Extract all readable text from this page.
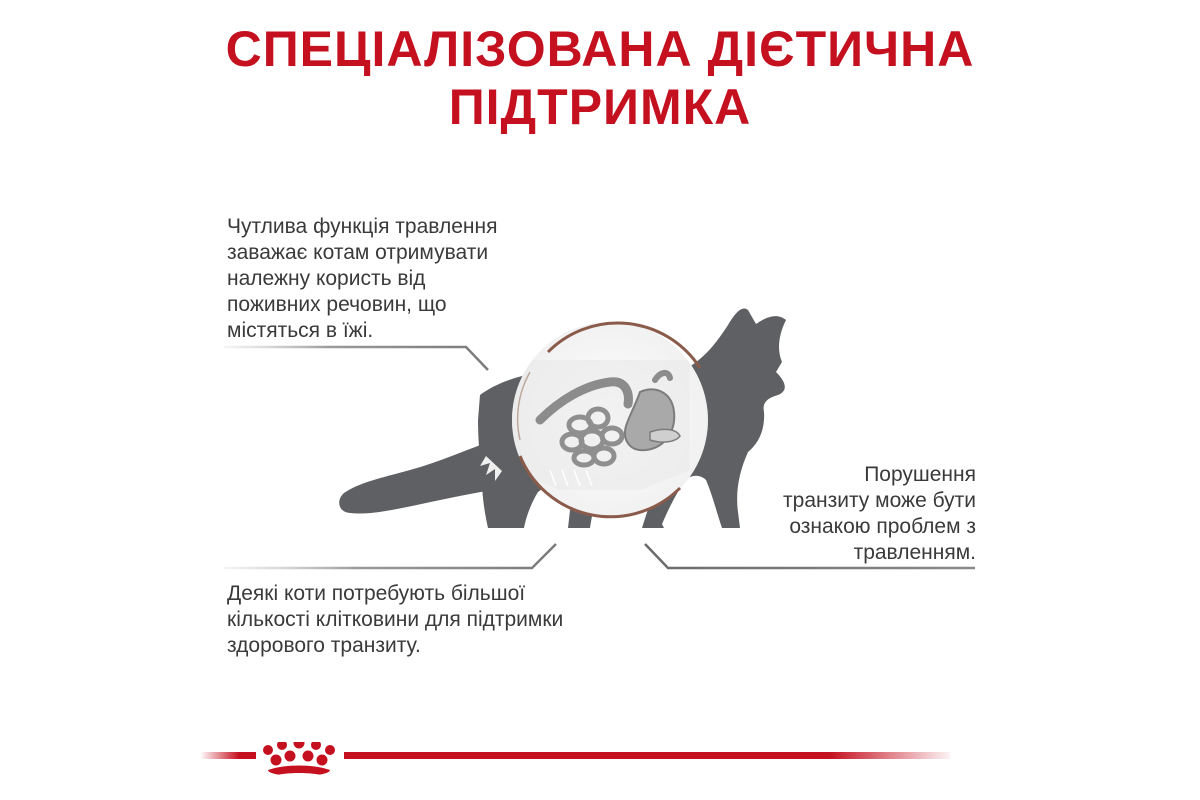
СПЕЦІАЛІЗОВАНА ДІЄТИЧНА
ПІДТРИМКА
Чутлива функція травлення
заважає котам отримувати
належну користь від
поживних речовин, що
містяться в їжі.
Деякі коти потребують більшої
кількості клітковини для підтримки
здорового транзиту.
Порушення
транзиту може бути
ознакою проблем з
травленням.
